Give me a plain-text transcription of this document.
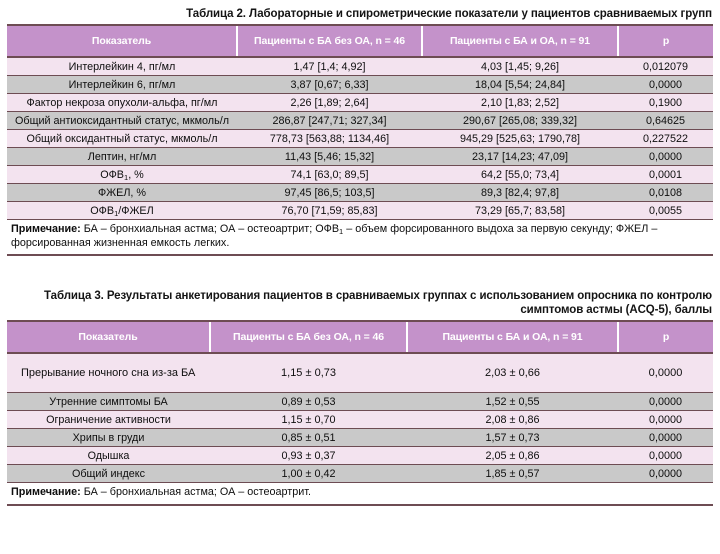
Таблица 2. Лабораторные и спирометрические показатели у пациентов сравниваемых групп
Показатель	Пациенты с БА без ОА, n = 46	Пациенты с БА и ОА, n = 91	p
Интерлейкин 4, пг/мл	1,47 [1,4; 4,92]	4,03 [1,45; 9,26]	0,012079
Интерлейкин 6, пг/мл	3,87 [0,67; 6,33]	18,04 [5,54; 24,84]	0,0000
Фактор некроза опухоли-альфа, пг/мл	2,26 [1,89; 2,64]	2,10 [1,83; 2,52]	0,1900
Общий антиоксидантный статус, мкмоль/л	286,87 [247,71; 327,34]	290,67 [265,08; 339,32]	0,64625
Общий оксидантный статус, мкмоль/л	778,73 [563,88; 1134,46]	945,29 [525,63; 1790,78]	0,227522
Лептин, нг/мл	11,43 [5,46; 15,32]	23,17 [14,23; 47,09]	0,0000
$ОФВ_1$, %	74,1 [63,0; 89,5]	64,2 [55,0; 73,4]	0,0001
ФЖЕЛ, %	97,45 [86,5; 103,5]	89,3 [82,4; 97,8]	0,0108
$ОФВ_1$/ФЖЕЛ	76,70 [71,59; 85,83]	73,29 [65,7; 83,58]	0,0055
Примечание: БА – бронхиальная астма; ОА – остеоартрит; $ОФВ_1$ – объем форсированного выдоха за первую секунду; ФЖЕЛ – форсированная жизненная емкость легких.			
Таблица 3. Результаты анкетирования пациентов в сравниваемых группах с использованием опросника по контролю симптомов астмы (ACQ-5), баллы
Показатель	Пациенты с БА без ОА, n = 46	Пациенты с БА и ОА, n = 91	p
Прерывание ночного сна из-за БА	1,15 ± 0,73	2,03 ± 0,66	0,0000
Утренние симптомы БА	0,89 ± 0,53	1,52 ± 0,55	0,0000
Ограничение активности	1,15 ± 0,70	2,08 ± 0,86	0,0000
Хрипы в груди	0,85 ± 0,51	1,57 ± 0,73	0,0000
Одышка	0,93 ± 0,37	2,05 ± 0,86	0,0000
Общий индекс	1,00 ± 0,42	1,85 ± 0,57	0,0000
Примечание: БА – бронхиальная астма; ОА – остеоартрит.			
